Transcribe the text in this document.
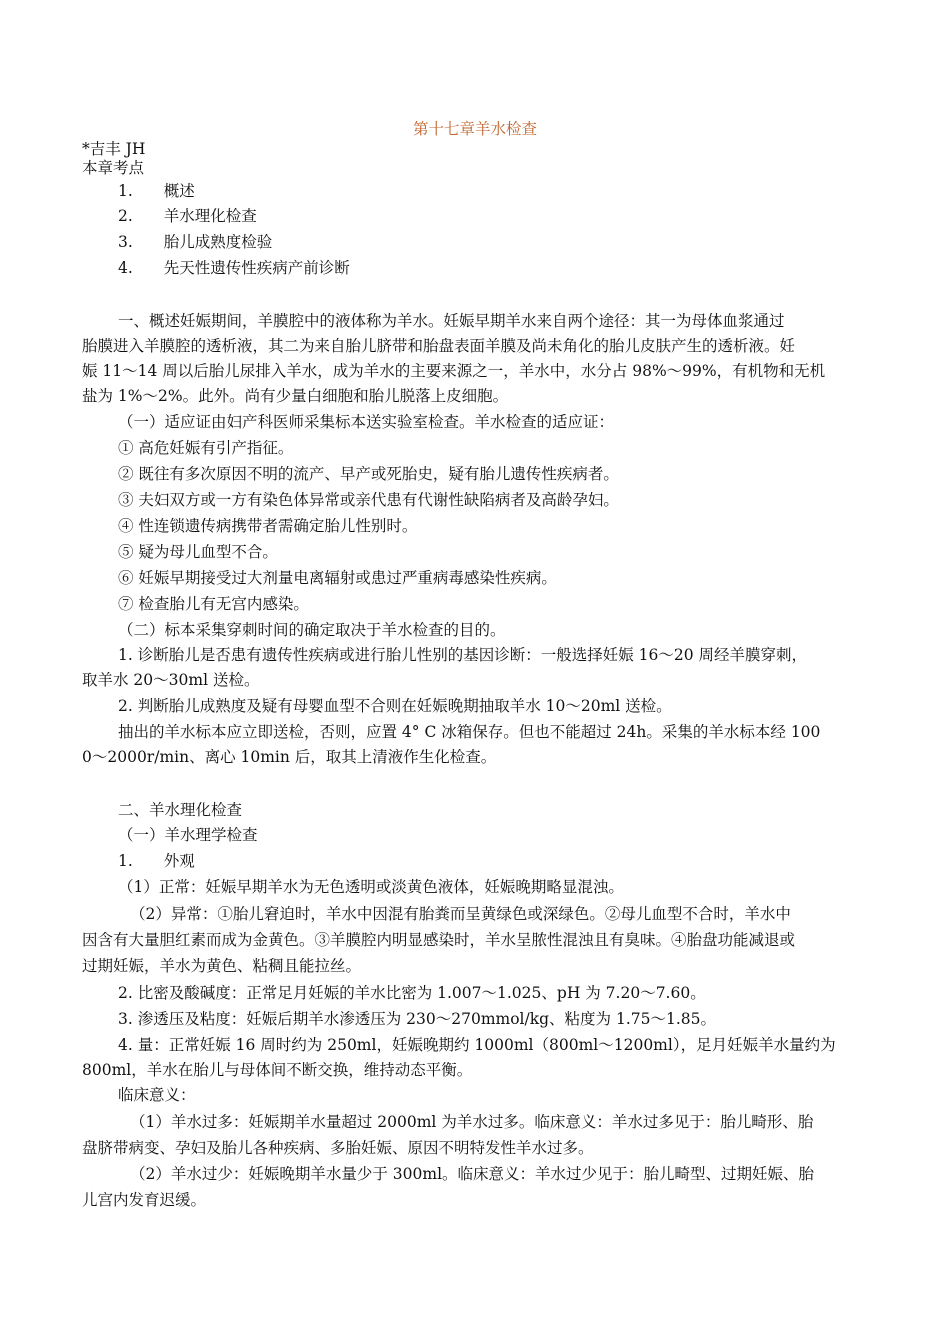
第十七章羊水检查
*吉丰 JH
本章考点
1.　　概述
2.　　羊水理化检查
3.　　胎儿成熟度检验
4.　　先天性遗传性疾病产前诊断
一、概述妊娠期间，羊膜腔中的液体称为羊水。妊娠早期羊水来自两个途径：其一为母体血浆通过
胎膜进入羊膜腔的透析液，其二为来自胎儿脐带和胎盘表面羊膜及尚未角化的胎儿皮肤产生的透析液。妊
娠 11～14 周以后胎儿尿排入羊水，成为羊水的主要来源之一，羊水中，水分占 98%～99%，有机物和无机
盐为 1%～2%。此外。尚有少量白细胞和胎儿脱落上皮细胞。
（一）适应证由妇产科医师采集标本送实验室检查。羊水检查的适应证：
① 高危妊娠有引产指征。
② 既往有多次原因不明的流产、早产或死胎史，疑有胎儿遗传性疾病者。
③ 夫妇双方或一方有染色体异常或亲代患有代谢性缺陷病者及高龄孕妇。
④ 性连锁遗传病携带者需确定胎儿性别时。
⑤ 疑为母儿血型不合。
⑥ 妊娠早期接受过大剂量电离辐射或患过严重病毒感染性疾病。
⑦ 检查胎儿有无宫内感染。
（二）标本采集穿刺时间的确定取决于羊水检查的目的。
1. 诊断胎儿是否患有遗传性疾病或进行胎儿性别的基因诊断：一般选择妊娠 16～20 周经羊膜穿刺，
取羊水 20～30ml 送检。
2. 判断胎儿成熟度及疑有母婴血型不合则在妊娠晚期抽取羊水 10～20ml 送检。
抽出的羊水标本应立即送检，否则，应置 4° C 冰箱保存。但也不能超过 24h。采集的羊水标本经 100
0～2000r/min、离心 10min 后，取其上清液作生化检查。
二、羊水理化检查
（一）羊水理学检查
1.　　外观
（1）正常：妊娠早期羊水为无色透明或淡黄色液体，妊娠晚期略显混浊。
（2）异常：①胎儿窘迫时，羊水中因混有胎粪而呈黄绿色或深绿色。②母儿血型不合时，羊水中
因含有大量胆红素而成为金黄色。③羊膜腔内明显感染时，羊水呈脓性混浊且有臭味。④胎盘功能减退或
过期妊娠，羊水为黄色、粘稠且能拉丝。
2. 比密及酸碱度：正常足月妊娠的羊水比密为 1.007～1.025、pH 为 7.20～7.60。
3. 渗透压及粘度：妊娠后期羊水渗透压为 230～270mmol/kg、粘度为 1.75～1.85。
4. 量：正常妊娠 16 周时约为 250ml，妊娠晚期约 1000ml（800ml～1200ml），足月妊娠羊水量约为
800ml，羊水在胎儿与母体间不断交换，维持动态平衡。
临床意义：
（1）羊水过多：妊娠期羊水量超过 2000ml 为羊水过多。临床意义：羊水过多见于：胎儿畸形、胎
盘脐带病变、孕妇及胎儿各种疾病、多胎妊娠、原因不明特发性羊水过多。
（2）羊水过少：妊娠晚期羊水量少于 300ml。临床意义：羊水过少见于：胎儿畸型、过期妊娠、胎
儿宫内发育迟缓。
